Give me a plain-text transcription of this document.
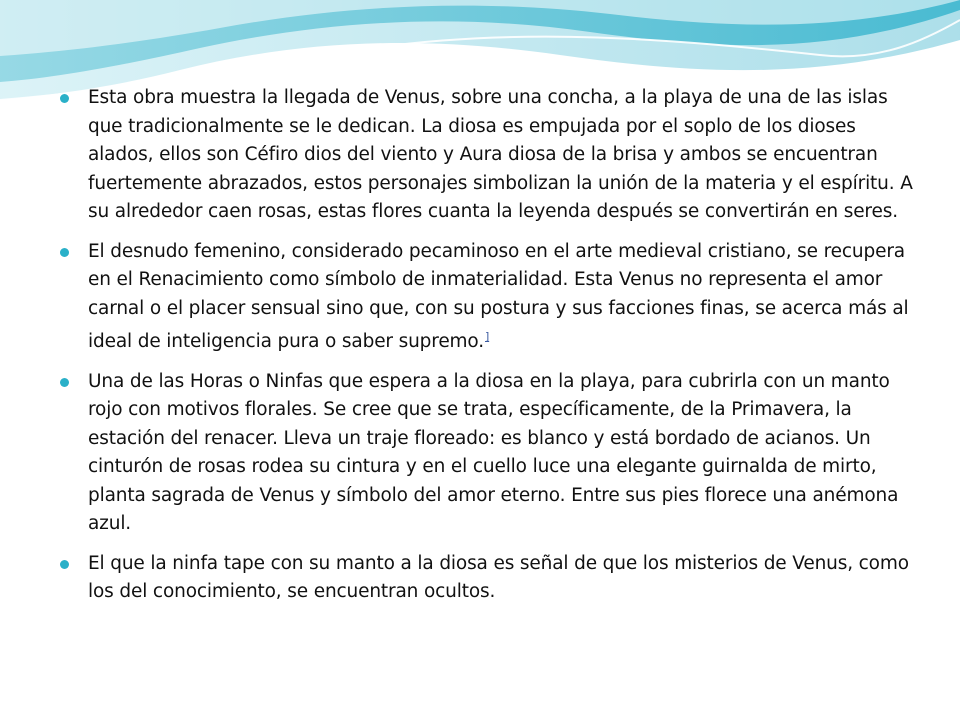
Esta obra muestra la llegada de Venus, sobre una concha, a la playa de una de las islas que tradicionalmente se le dedican. La diosa es empujada por el soplo de los dioses alados, ellos son Céfiro dios del viento y Aura diosa de la brisa y ambos se encuentran fuertemente abrazados, estos personajes simbolizan la unión de la materia y el espíritu. A su alrededor caen rosas, estas flores cuanta la leyenda después se convertirán en seres.
El desnudo femenino, considerado pecaminoso en el arte medieval cristiano, se recupera en el Renacimiento como símbolo de inmaterialidad. Esta Venus no representa el amor carnal o el placer sensual sino que, con su postura y sus facciones finas, se acerca más al ideal de inteligencia pura o saber supremo.]
Una de las Horas o Ninfas que espera a la diosa en la playa, para cubrirla con un manto rojo con motivos florales. Se cree que se trata, específicamente, de la Primavera, la estación del renacer. Lleva un traje floreado: es blanco y está bordado de acianos. Un cinturón de rosas rodea su cintura y en el cuello luce una elegante guirnalda de mirto, planta sagrada de Venus y símbolo del amor eterno. Entre sus pies florece una anémona azul.
El que la ninfa tape con su manto a la diosa es señal de que los misterios de Venus, como los del conocimiento, se encuentran ocultos.
